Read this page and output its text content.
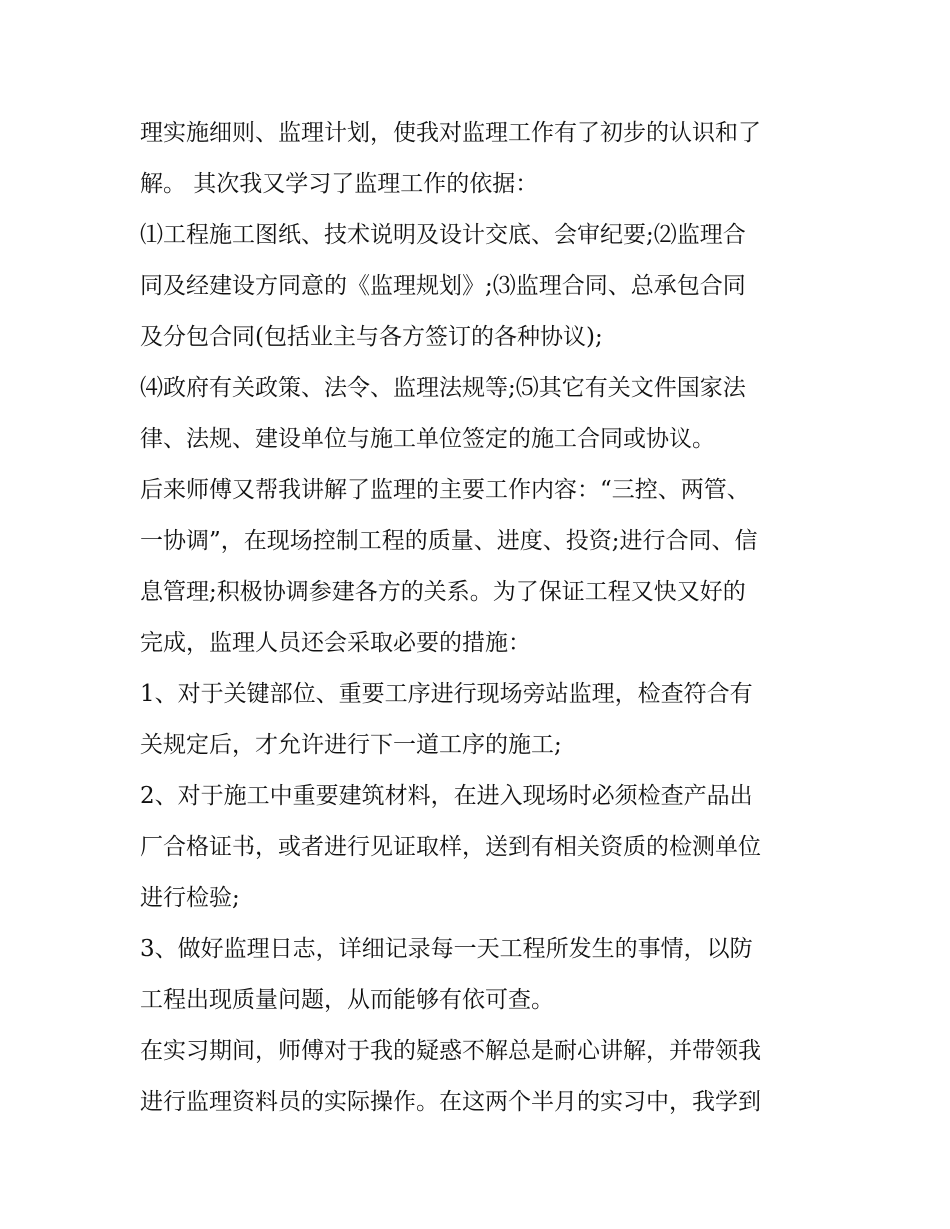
理实施细则、监理计划，使我对监理工作有了初步的认识和了
解。 其次我又学习了监理工作的依据：
⑴工程施工图纸、技术说明及设计交底、会审纪要;⑵监理合
同及经建设方同意的《监理规划》;⑶监理合同、总承包合同
及分包合同(包括业主与各方签订的各种协议);
⑷政府有关政策、法令、监理法规等;⑸其它有关文件国家法
律、法规、建设单位与施工单位签定的施工合同或协议。
后来师傅又帮我讲解了监理的主要工作内容：“三控、两管、
一协调”，在现场控制工程的质量、进度、投资;进行合同、信
息管理;积极协调参建各方的关系。为了保证工程又快又好的
完成，监理人员还会采取必要的措施：
1、对于关键部位、重要工序进行现场旁站监理，检查符合有
关规定后，才允许进行下一道工序的施工;
2、对于施工中重要建筑材料，在进入现场时必须检查产品出
厂合格证书，或者进行见证取样，送到有相关资质的检测单位
进行检验;
3、做好监理日志，详细记录每一天工程所发生的事情，以防
工程出现质量问题，从而能够有依可查。
在实习期间，师傅对于我的疑惑不解总是耐心讲解，并带领我
进行监理资料员的实际操作。在这两个半月的实习中，我学到
